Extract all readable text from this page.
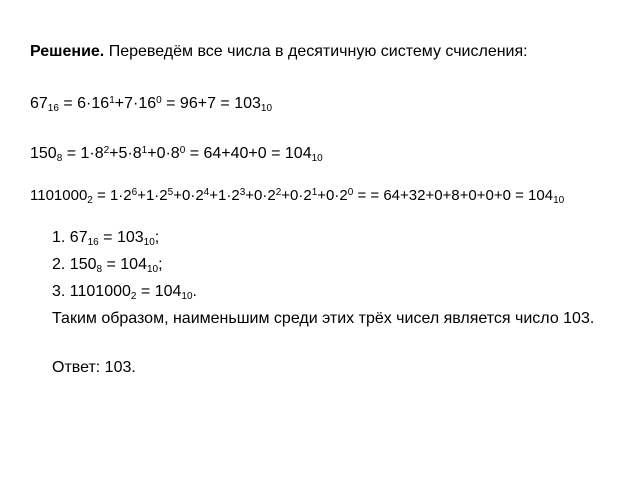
Решение. Переведём все числа в десятичную систему счисления:
$6716 = 6\cdot 16^1+7\cdot 16^0 = 96+7 = 10310$
$1508 = 1\cdot 8^2+5\cdot 8^1+0\cdot 8^0 = 64+40+0 = 10410$
$1101000_2 = 1\cdot 2^6+1\cdot 2^5+0\cdot 2^4+1\cdot 2^3+0\cdot 2^2+0\cdot 2^1+0\cdot 2^0$ = = $64+32+0+8+0+0+0 = 104_{10}$
1. 6716 = 10310;
2. 1508 = 10410;
3. 11010002 = 10410.
Таким образом, наименьшим среди этих трёх чисел является число 103.
Ответ: 103.
